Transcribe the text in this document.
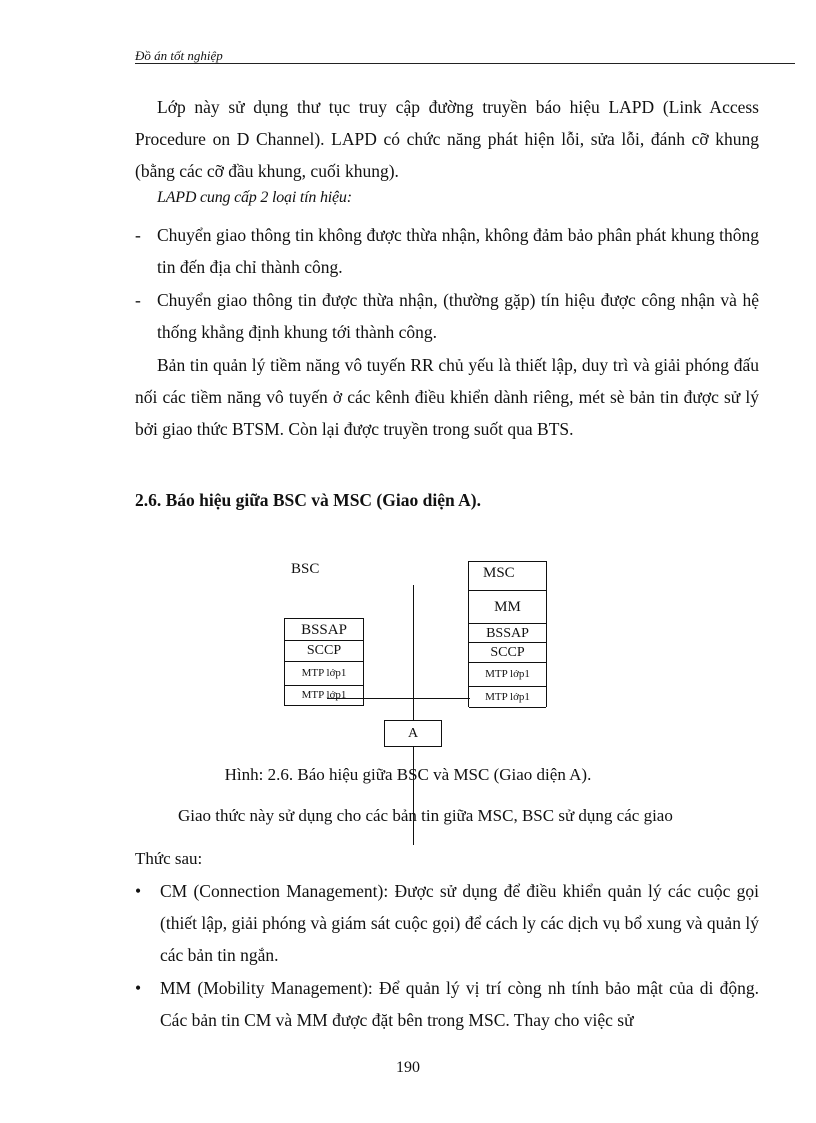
Đồ án tốt nghiệp

Lớp này sử dụng thư tục truy cập đường truyền báo hiệu LAPD (Link Access Procedure on D Channel). LAPD có chức năng phát hiện lỗi, sửa lỗi, đánh cỡ khung (bằng các cỡ đầu khung, cuối khung).

LAPD cung cấp 2 loại tín hiệu:
- Chuyển giao thông tin không được thừa nhận, không đảm bảo phân phát khung thông tin đến địa chỉ thành công.
- Chuyển giao thông tin được thừa nhận, (thường gặp) tín hiệu được công nhận và hệ thống khẳng định khung tới thành công.

Bản tin quản lý tiềm năng vô tuyến RR chủ yếu là thiết lập, duy trì và giải phóng đấu nối các tiềm năng vô tuyến ở các kênh điều khiển dành riêng, mét sè bản tin được sử lý bởi giao thức BTSM. Còn lại được truyền trong suốt qua BTS.

2.6. Báo hiệu giữa BSC và MSC (Giao diện A).
BSC	MSC
MM
BSSAP
SCCP
MTP lớp1
MTP lớp1
BSSAP
SCCP
MTP lớp1
MTP lớp1
A
Hình: 2.6. Báo hiệu giữa BSC và MSC (Giao diện A).
Giao thức này sử dụng cho các bản tin giữa MSC, BSC sử dụng các giao
Thức sau:
• CM (Connection Management): Được sử dụng để điều khiển quản lý các cuộc gọi (thiết lập, giải phóng và giám sát cuộc gọi) để cách ly các dịch vụ bổ xung và quản lý các bản tin ngắn.
• MM (Mobility Management): Để quản lý vị trí còng nh tính bảo mật của di động. Các bản tin CM và MM được đặt bên trong MSC. Thay cho việc sử
190
